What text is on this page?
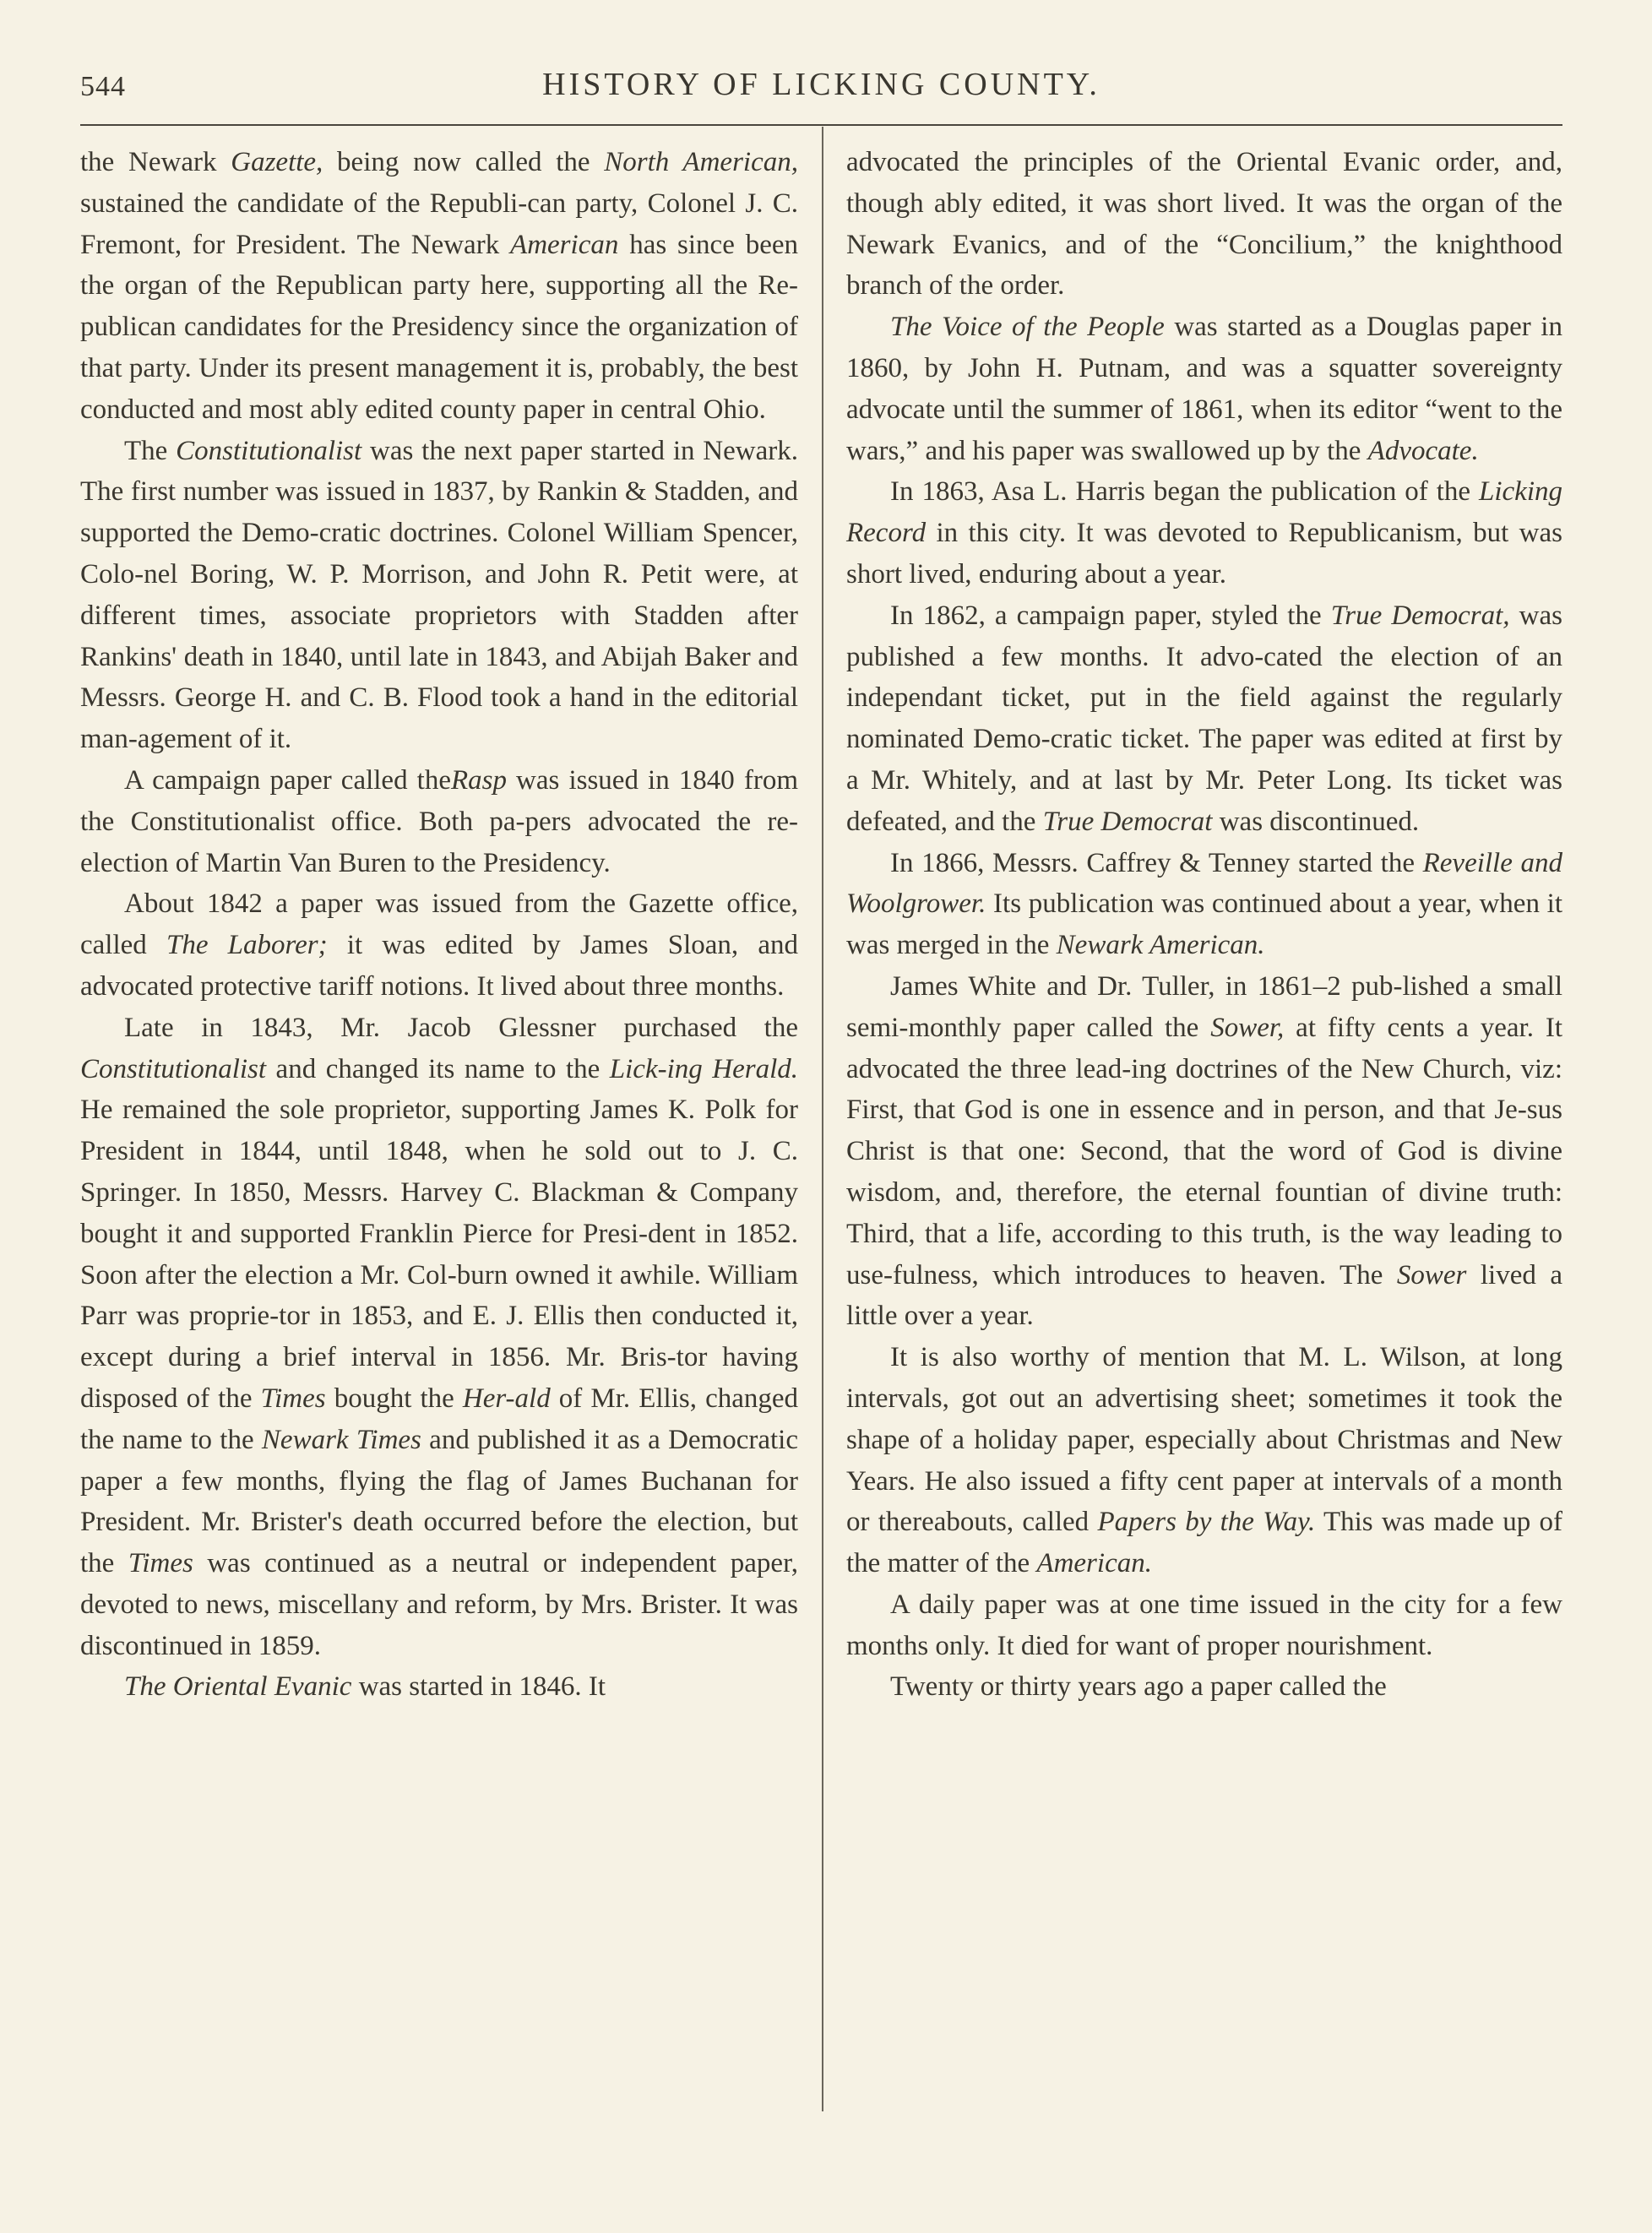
544	HISTORY OF LICKING COUNTY.

the Newark Gazette, being now called the North American, sustained the candidate of the Republi-can party, Colonel J. C. Fremont, for President. The Newark American has since been the organ of the Republican party here, supporting all the Re-publican candidates for the Presidency since the organization of that party. Under its present management it is, probably, the best conducted and most ably edited county paper in central Ohio.

The Constitutionalist was the next paper started in Newark. The first number was issued in 1837, by Rankin & Stadden, and supported the Demo-cratic doctrines. Colonel William Spencer, Colo-nel Boring, W. P. Morrison, and John R. Petit were, at different times, associate proprietors with Stadden after Rankins' death in 1840, until late in 1843, and Abijah Baker and Messrs. George H. and C. B. Flood took a hand in the editorial man-agement of it.

A campaign paper called theRasp was issued in 1840 from the Constitutionalist office. Both pa-pers advocated the re-election of Martin Van Buren to the Presidency.

About 1842 a paper was issued from the Gazette office, called The Laborer; it was edited by James Sloan, and advocated protective tariff notions. It lived about three months.

Late in 1843, Mr. Jacob Glessner purchased the Constitutionalist and changed its name to the Lick-ing Herald. He remained the sole proprietor, supporting James K. Polk for President in 1844, until 1848, when he sold out to J. C. Springer. In 1850, Messrs. Harvey C. Blackman & Company bought it and supported Franklin Pierce for Presi-dent in 1852. Soon after the election a Mr. Col-burn owned it awhile. William Parr was proprie-tor in 1853, and E. J. Ellis then conducted it, except during a brief interval in 1856. Mr. Bris-tor having disposed of the Times bought the Her-ald of Mr. Ellis, changed the name to the Newark Times and published it as a Democratic paper a few months, flying the flag of James Buchanan for President. Mr. Brister's death occurred before the election, but the Times was continued as a neutral or independent paper, devoted to news, miscellany and reform, by Mrs. Brister. It was discontinued in 1859.

The Oriental Evanic was started in 1846. It

advocated the principles of the Oriental Evanic order, and, though ably edited, it was short lived. It was the organ of the Newark Evanics, and of the “Concilium,” the knighthood branch of the order.

The Voice of the People was started as a Douglas paper in 1860, by John H. Putnam, and was a squatter sovereignty advocate until the summer of 1861, when its editor “went to the wars,” and his paper was swallowed up by the Advocate.

In 1863, Asa L. Harris began the publication of the Licking Record in this city. It was devoted to Republicanism, but was short lived, enduring about a year.

In 1862, a campaign paper, styled the True Democrat, was published a few months. It advo-cated the election of an independant ticket, put in the field against the regularly nominated Demo-cratic ticket. The paper was edited at first by a Mr. Whitely, and at last by Mr. Peter Long. Its ticket was defeated, and the True Democrat was discontinued.

In 1866, Messrs. Caffrey & Tenney started the Reveille and Woolgrower. Its publication was continued about a year, when it was merged in the Newark American.

James White and Dr. Tuller, in 1861–2 pub-lished a small semi-monthly paper called the Sower, at fifty cents a year. It advocated the three lead-ing doctrines of the New Church, viz: First, that God is one in essence and in person, and that Je-sus Christ is that one: Second, that the word of God is divine wisdom, and, therefore, the eternal fountian of divine truth: Third, that a life, according to this truth, is the way leading to use-fulness, which introduces to heaven. The Sower lived a little over a year.

It is also worthy of mention that M. L. Wilson, at long intervals, got out an advertising sheet; sometimes it took the shape of a holiday paper, especially about Christmas and New Years. He also issued a fifty cent paper at intervals of a month or thereabouts, called Papers by the Way. This was made up of the matter of the American.

A daily paper was at one time issued in the city for a few months only. It died for want of proper nourishment.

Twenty or thirty years ago a paper called the
